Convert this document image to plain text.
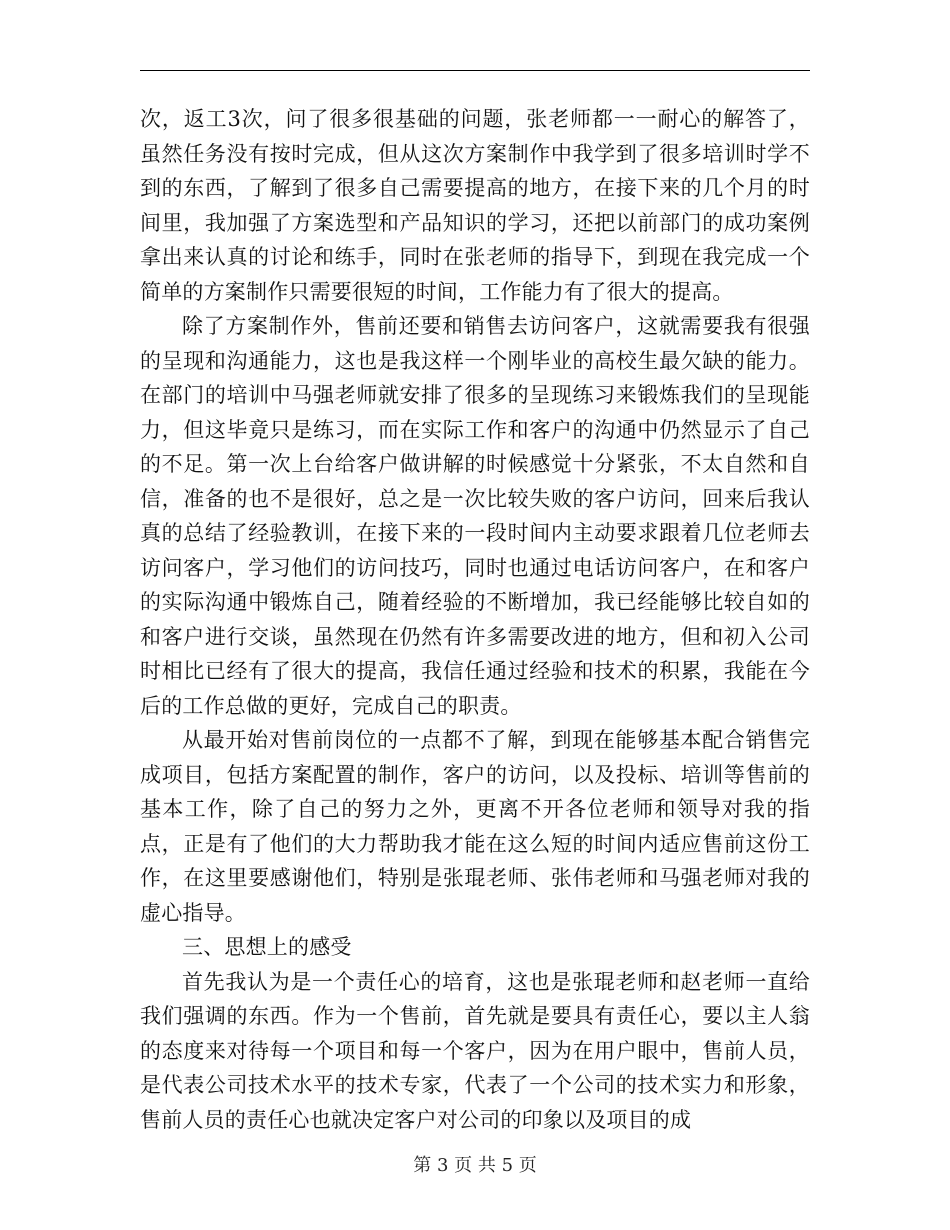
次，返工3次，问了很多很基础的问题，张老师都一一耐心的解答了，虽然任务没有按时完成，但从这次方案制作中我学到了很多培训时学不到的东西，了解到了很多自己需要提高的地方，在接下来的几个月的时间里，我加强了方案选型和产品知识的学习，还把以前部门的成功案例拿出来认真的讨论和练手，同时在张老师的指导下，到现在我完成一个简单的方案制作只需要很短的时间，工作能力有了很大的提高。

除了方案制作外，售前还要和销售去访问客户，这就需要我有很强的呈现和沟通能力，这也是我这样一个刚毕业的高校生最欠缺的能力。在部门的培训中马强老师就安排了很多的呈现练习来锻炼我们的呈现能力，但这毕竟只是练习，而在实际工作和客户的沟通中仍然显示了自己的不足。第一次上台给客户做讲解的时候感觉十分紧张，不太自然和自信，准备的也不是很好，总之是一次比较失败的客户访问，回来后我认真的总结了经验教训，在接下来的一段时间内主动要求跟着几位老师去访问客户，学习他们的访问技巧，同时也通过电话访问客户，在和客户的实际沟通中锻炼自己，随着经验的不断增加，我已经能够比较自如的和客户进行交谈，虽然现在仍然有许多需要改进的地方，但和初入公司时相比已经有了很大的提高，我信任通过经验和技术的积累，我能在今后的工作总做的更好，完成自己的职责。

从最开始对售前岗位的一点都不了解，到现在能够基本配合销售完成项目，包括方案配置的制作，客户的访问，以及投标、培训等售前的基本工作，除了自己的努力之外，更离不开各位老师和领导对我的指点，正是有了他们的大力帮助我才能在这么短的时间内适应售前这份工作，在这里要感谢他们，特别是张琨老师、张伟老师和马强老师对我的虚心指导。

三、思想上的感受

首先我认为是一个责任心的培育，这也是张琨老师和赵老师一直给我们强调的东西。作为一个售前，首先就是要具有责任心，要以主人翁的态度来对待每一个项目和每一个客户，因为在用户眼中，售前人员，是代表公司技术水平的技术专家，代表了一个公司的技术实力和形象，售前人员的责任心也就决定客户对公司的印象以及项目的成

第 3 页 共 5 页
